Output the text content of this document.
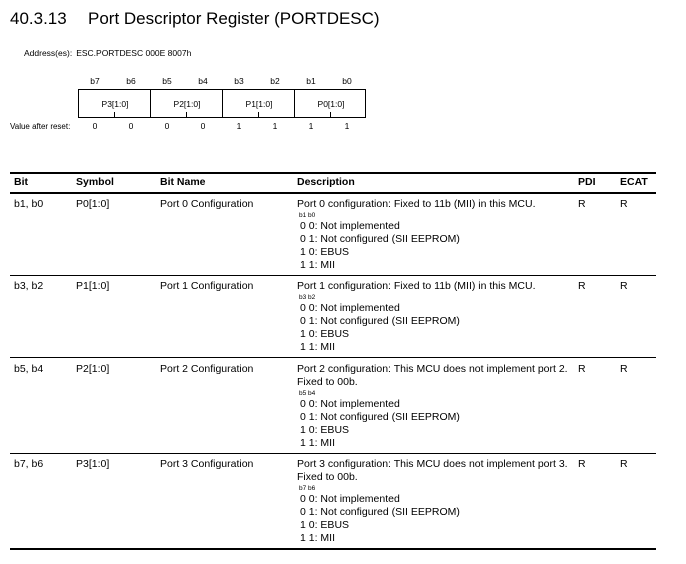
40.3.13 Port Descriptor Register (PORTDESC)
Address(es): ESC.PORTDESC 000E 8007h
b7	b6	b5	b4	b3	b2	b1	b0
P3[1:0]	P2[1:0]	P1[1:0]	P0[1:0]
Value after reset:	0	0	0	0	1	1	1	1
Bit	Symbol	Bit Name	Description	PDI ECAT
b1, b0	P0[1:0]	Port 0 Configuration	Port 0 configuration: Fixed to 11b (MII) in this MCU.
b1 b0
0 0: Not implemented
0 1: Not configured (SII EEPROM)
1 0: EBUS
1 1: MII
R	R
b3, b2	P1[1:0]	Port 1 Configuration	Port 1 configuration: Fixed to 11b (MII) in this MCU.
b3 b2
0 0: Not implemented
0 1: Not configured (SII EEPROM)
1 0: EBUS
1 1: MII
R	R
b5, b4	P2[1:0]	Port 2 Configuration	Port 2 configuration: This MCU does not implement port 2. Fixed to 00b.
b5 b4
0 0: Not implemented
0 1: Not configured (SII EEPROM)
1 0: EBUS
1 1: MII
R	R
b7, b6	P3[1:0]	Port 3 Configuration	Port 3 configuration: This MCU does not implement port 3. Fixed to 00b.
b7 b6
0 0: Not implemented
0 1: Not configured (SII EEPROM)
1 0: EBUS
1 1: MII
R	R
